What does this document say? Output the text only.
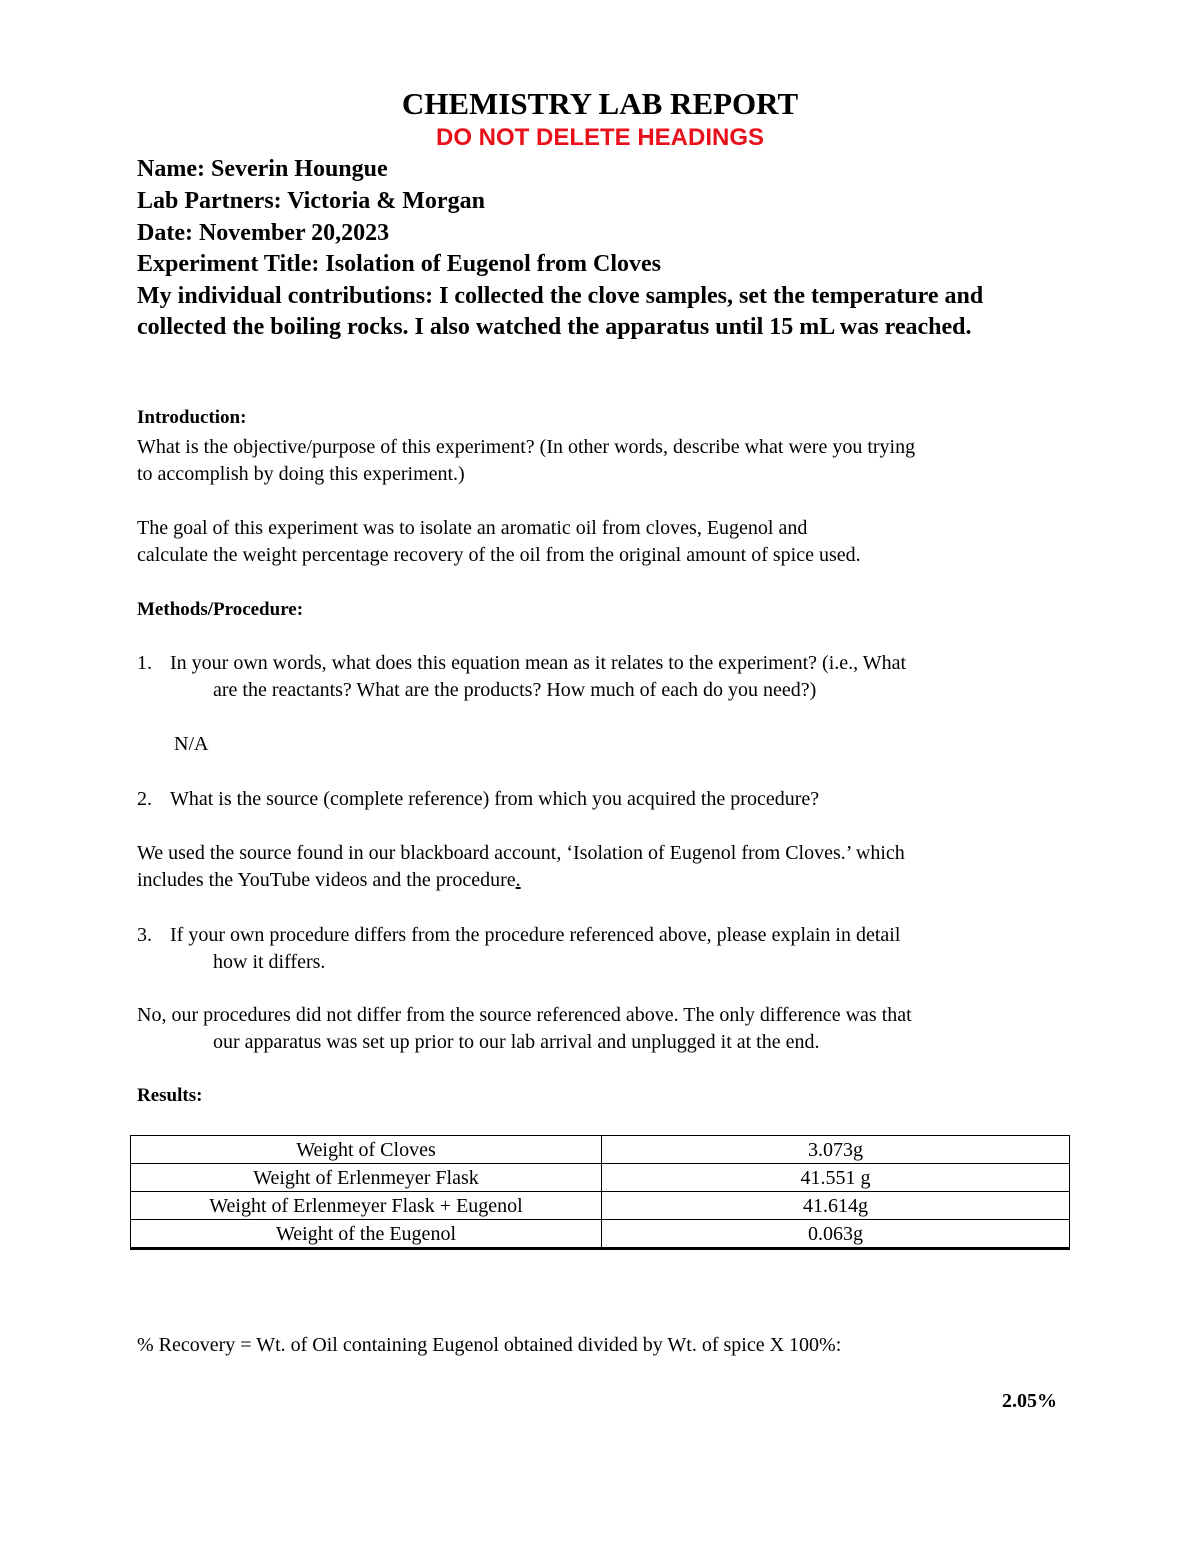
CHEMISTRY LAB REPORT
DO NOT DELETE HEADINGS
Name: Severin Houngue
Lab Partners: Victoria & Morgan
Date: November 20,2023
Experiment Title: Isolation of Eugenol from Cloves
My individual contributions: I collected the clove samples, set the temperature and collected the boiling rocks. I also watched the apparatus until 15 mL was reached.
Introduction:
What is the objective/purpose of this experiment? (In other words, describe what were you trying
to accomplish by doing this experiment.)
The goal of this experiment was to isolate an aromatic oil from cloves, Eugenol and
calculate the weight percentage recovery of the oil from the original amount of spice used.
Methods/Procedure:
1. In your own words, what does this equation mean as it relates to the experiment? (i.e., What
are the reactants? What are the products? How much of each do you need?)
N/A
2. What is the source (complete reference) from which you acquired the procedure?
We used the source found in our blackboard account, ‘Isolation of Eugenol from Cloves.’ which
includes the YouTube videos and the procedure.
3. If your own procedure differs from the procedure referenced above, please explain in detail
how it differs.
No, our procedures did not differ from the source referenced above. The only difference was that
our apparatus was set up prior to our lab arrival and unplugged it at the end.
Results:
Weight of Cloves	3.073g
Weight of Erlenmeyer Flask	41.551 g
Weight of Erlenmeyer Flask + Eugenol	41.614g
Weight of the Eugenol	0.063g
% Recovery = Wt. of Oil containing Eugenol obtained divided by Wt. of spice X 100%:
2.05%
